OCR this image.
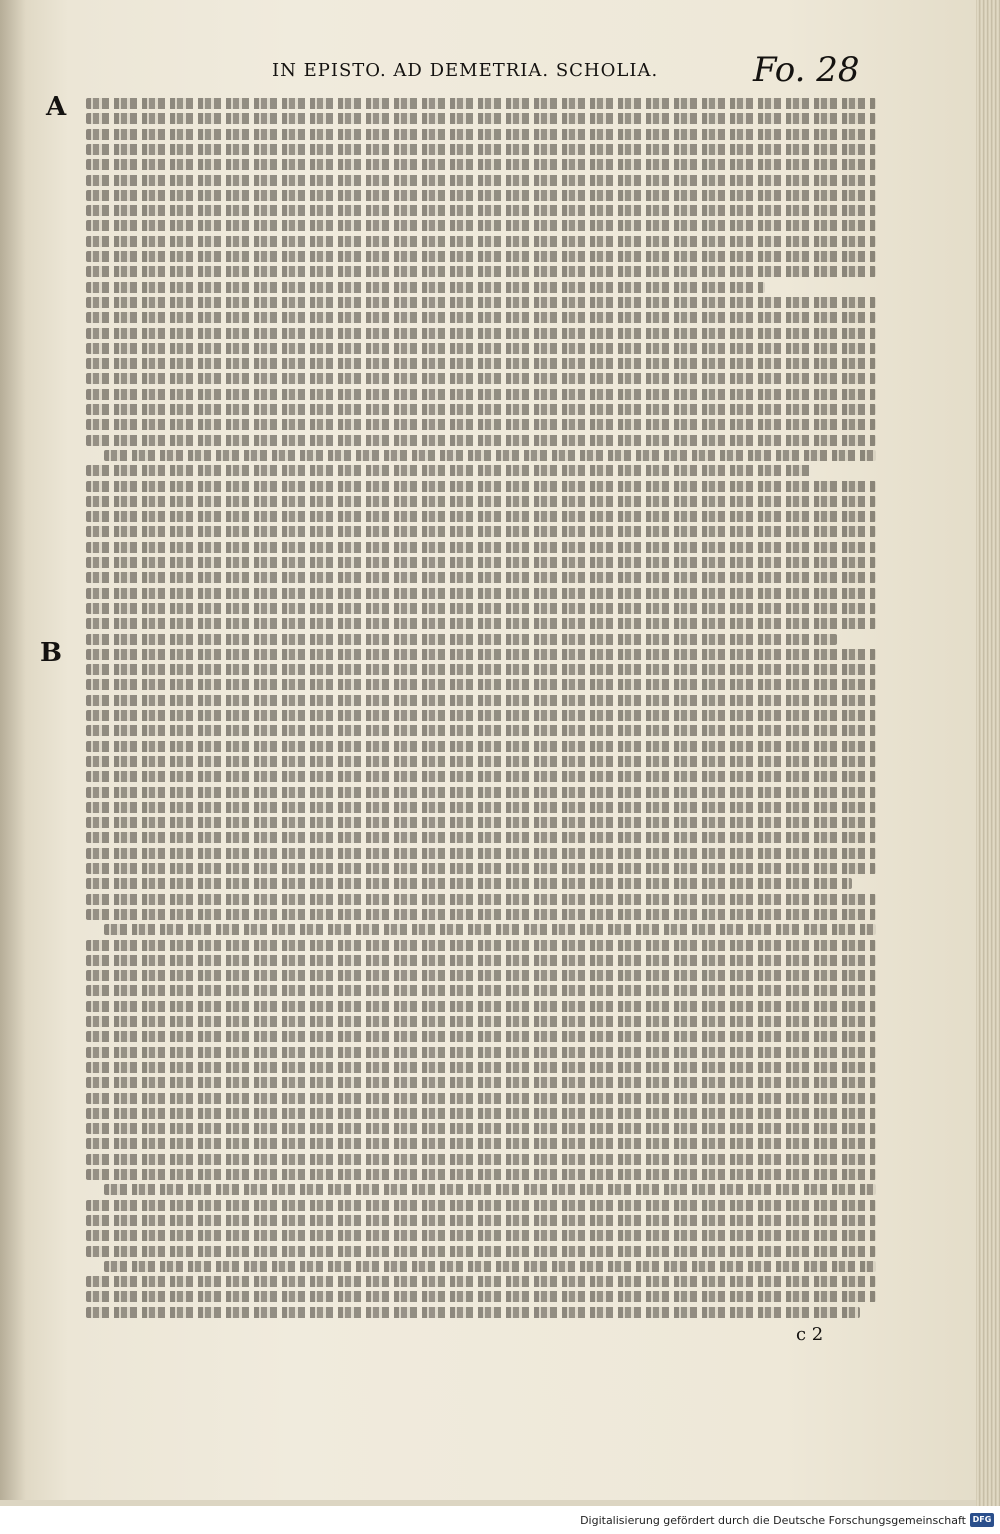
IN EPISTO. AD DEMETRIA. SCHOLIA.	Fo. 28
A
B
c 2
Digitalisierung gefördert durch die Deutsche Forschungsgemeinschaft DFG
